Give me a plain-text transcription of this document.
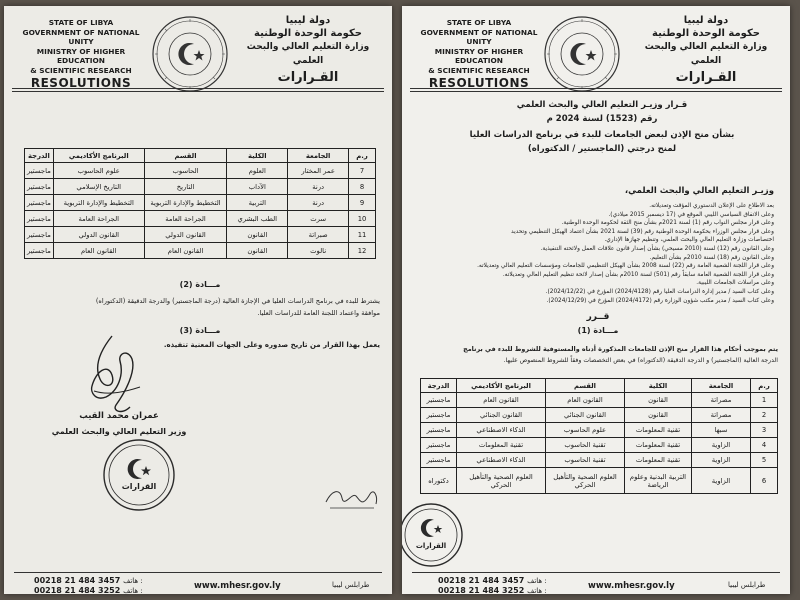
STATE OF LIBYA
GOVERNMENT OF NATIONAL UNITY
MINISTRY OF HIGHER EDUCATION
& SCIENTIFIC RESEARCH
RESOLUTIONS
دولة ليبيا
حكومة الوحدة الوطنية
وزارة التعليم العالي والبحث العلمي
القـرارات
ر.م	الجامعة	الكلية	القسم	البرنامج الأكاديمي	الدرجة
7	عمر المختار	العلوم	الحاسوب	علوم الحاسوب	ماجستير
8	درنة	الآداب	التاريخ	التاريخ الإسلامي	ماجستير
9	درنة	التربية	التخطيط والإدارة التربوية	التخطيط والإدارة التربوية	ماجستير
10	سرت	الطب البشري	الجراحة العامة	الجراحة العامة	ماجستير
11	صبراتة	القانون	القانون الدولي	القانون الدولي	ماجستير
12	نالوت	القانون	القانون العام	القانون العام	ماجستير
مـــادة (2)
يشترط للبدء في برنامج الدراسات العليا في الإجازة العالية (درجة الماجستير) والدرجة الدقيقة (الدكتوراه)
موافقة واعتماد اللجنة العامة للدراسات العليا.
مـــادة (3)
يعمل بهذا القرار من تاريخ صدوره وعلى الجهات المعنية تنفيذه.
عمران محمد القيب
وزير التعليم العالي والبحث العلمي
القرارات
00218 21 484 3457 هاتف :
00218 21 484 3252 هاتف :	www.mhesr.gov.ly	طرابلس ليبيا
STATE OF LIBYA
GOVERNMENT OF NATIONAL UNITY
MINISTRY OF HIGHER EDUCATION
& SCIENTIFIC RESEARCH
RESOLUTIONS
دولة ليبيا
حكومة الوحدة الوطنية
وزارة التعليم العالي والبحث العلمي
القـرارات
قـرار وزيـر التعليم العالي والبحث العلمي
رقم (1523) لسنة 2024 م
بشأن منح الإذن لبعض الجامعات للبدء في برنامج الدراسات العليا
لمنح درجتي (الماجستير / الدكتوراه)
وزيـر التعليم العالي والبحث العلمي،

بعد الاطلاع على الإعلان الدستوري المؤقت وتعديلاته.

وعلى الاتفاق السياسي الليبي الموقع في (17 ديسمبر 2015 ميلادي).

وعلى قرار مجلس النواب رقم (1) لسنة 2021م بشأن منح الثقة لحكومة الوحدة الوطنية.

وعلى قرار مجلس الوزراء بحكومة الوحدة الوطنية رقم (39) لسنة 2021 بشأن اعتماد الهيكل التنظيمي وتحديد

اختصاصات وزارة التعليم العالي والبحث العلمي، وتنظيم جهازها الإداري.

وعلى القانون رقم (12) لسنة (2010 مسيحي) بشأن إصدار قانون علاقات العمل ولائحته التنفيذية.

وعلى القانون رقم (18) لسنة 2010م بشأن التعليم.

وعلى قرار اللجنة الشعبية العامة رقم (22) لسنة 2008 بشأن الهيكل التنظيمي للجامعات ومؤسسات التعليم العالي وتعديلاته.

وعلى قرار اللجنة الشعبية العامة سابقاً رقم (501) لسنة 2010م بشأن إصدار لائحة تنظيم التعليم العالي وتعديلاته.

وعلى مراسلات الجامعات الليبية.

وعلى كتاب السيد / مدير إدارة الدراسات العليا رقم (2024/4128) المؤرخ في (2024/12/22).

وعلى كتاب السيد / مدير مكتب شؤون الوزارة رقم (2024/4172) المؤرخ في (2024/12/29).

قــرر
مـــادة (1)
يتم بموجب أحكام هذا القرار منح الإذن للجامعات المذكورة أدناه والمستوفية للشروط للبدء في برنامج
الدرجة العالية (الماجستير) و الدرجة الدقيقة (الدكتوراه) في بعض التخصصات وفقاً للشروط المنصوص عليها.
ر.م	الجامعة	الكلية	القسم	البرنامج الأكاديمي	الدرجة
1	مصراتة	القانون	القانون العام	القانون العام	ماجستير
2	مصراتة	القانون	القانون الجنائي	القانون الجنائي	ماجستير
3	سبها	تقنية المعلومات	علوم الحاسوب	الذكاء الاصطناعي	ماجستير
4	الزاوية	تقنية المعلومات	تقنية الحاسوب	تقنية المعلومات	ماجستير
5	الزاوية	تقنية المعلومات	تقنية الحاسوب	الذكاء الاصطناعي	ماجستير
6	الزاوية	التربية البدنية وعلوم الرياضة	العلوم الصحية والتأهيل الحركي	العلوم الصحية والتأهيل الحركي	دكتوراه
القرارات
00218 21 484 3457 هاتف :
00218 21 484 3252 هاتف :	www.mhesr.gov.ly	طرابلس ليبيا
